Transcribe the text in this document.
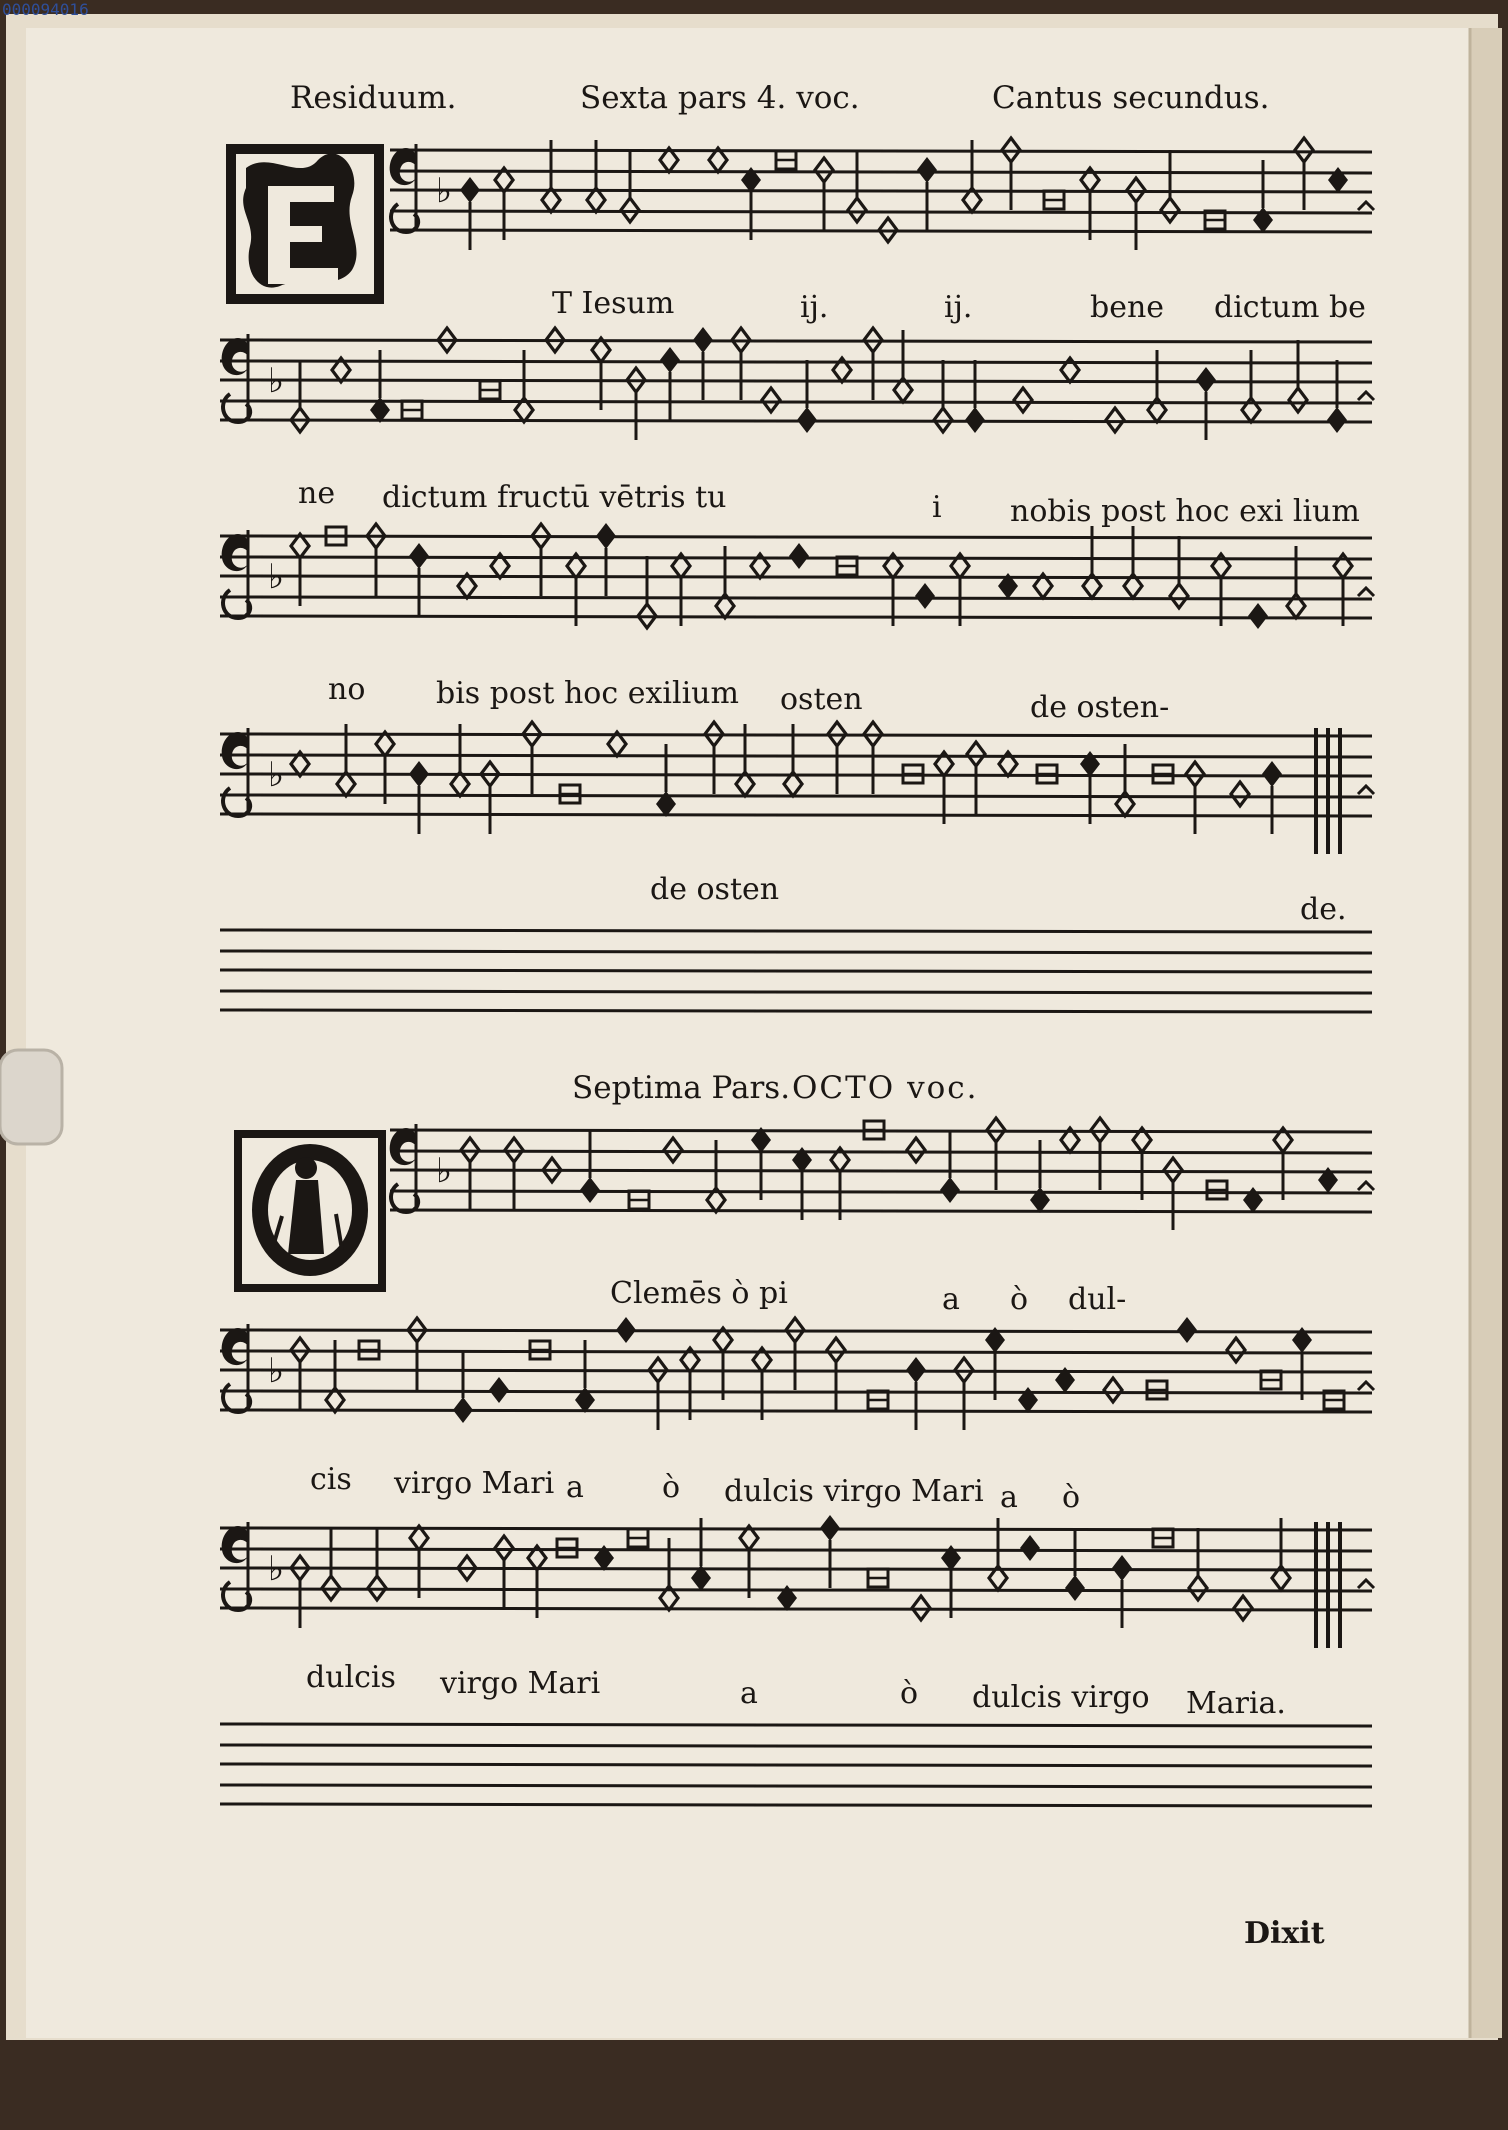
♭
♭
♭
♭
♭
♭
♭
000094016
Residuum.	Sexta pars 4. voc.	Cantus secundus.
T Iesum	ij.	ij.	bene dictum be
ne dictum fructū vētris tu	i nobis post hoc exi lium
no bis post hoc exilium osten	de osten-
de osten
de.
Septima Pars. OCTO voc.
Clemēs ò pi	a ò dul-
cis virgo Mari a	ò dulcis virgo Mari a ò
dulcis virgo Mari	a	ò dulcis virgo Maria.
Dixit
